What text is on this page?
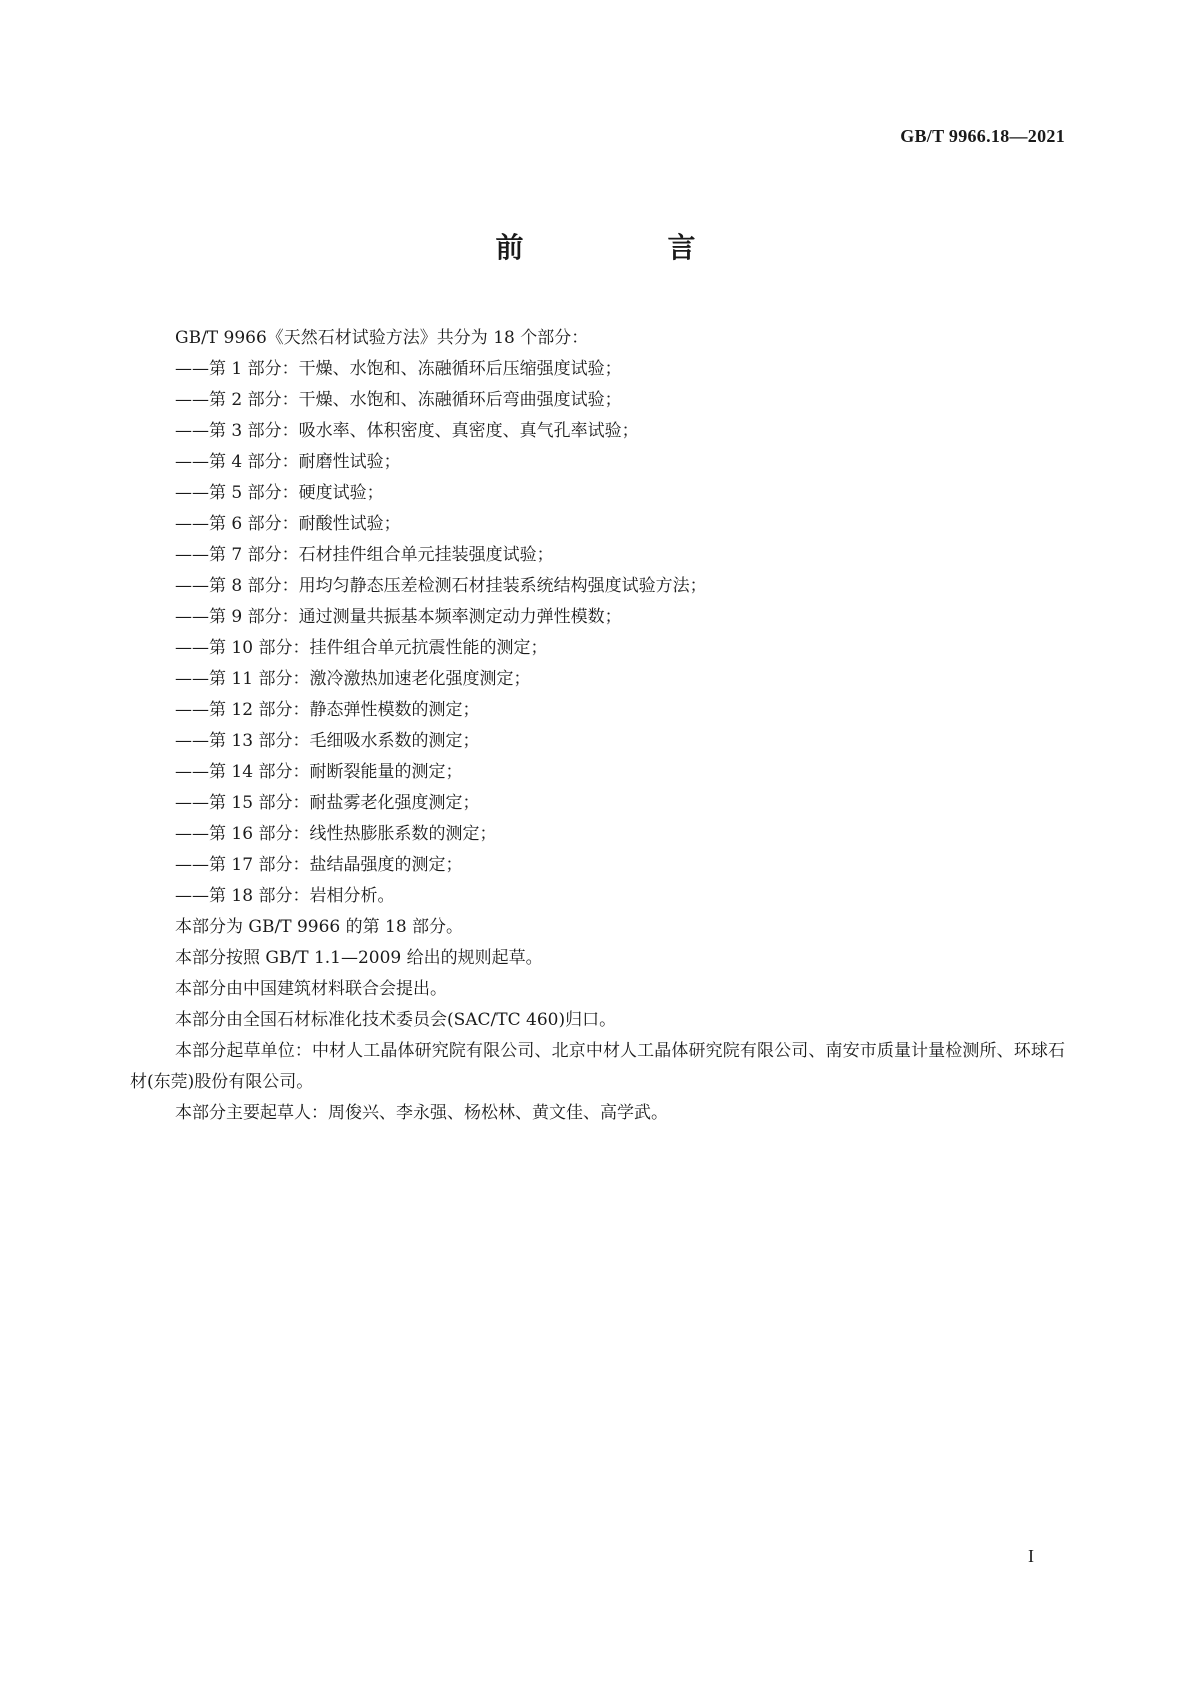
GB/T 9966.18—2021
前　言
GB/T 9966《天然石材试验方法》共分为 18 个部分：
——第 1 部分：干燥、水饱和、冻融循环后压缩强度试验；
——第 2 部分：干燥、水饱和、冻融循环后弯曲强度试验；
——第 3 部分：吸水率、体积密度、真密度、真气孔率试验；
——第 4 部分：耐磨性试验；
——第 5 部分：硬度试验；
——第 6 部分：耐酸性试验；
——第 7 部分：石材挂件组合单元挂装强度试验；
——第 8 部分：用均匀静态压差检测石材挂装系统结构强度试验方法；
——第 9 部分：通过测量共振基本频率测定动力弹性模数；
——第 10 部分：挂件组合单元抗震性能的测定；
——第 11 部分：激冷激热加速老化强度测定；
——第 12 部分：静态弹性模数的测定；
——第 13 部分：毛细吸水系数的测定；
——第 14 部分：耐断裂能量的测定；
——第 15 部分：耐盐雾老化强度测定；
——第 16 部分：线性热膨胀系数的测定；
——第 17 部分：盐结晶强度的测定；
——第 18 部分：岩相分析。
本部分为 GB/T 9966 的第 18 部分。
本部分按照 GB/T 1.1—2009 给出的规则起草。
本部分由中国建筑材料联合会提出。
本部分由全国石材标准化技术委员会(SAC/TC 460)归口。
本部分起草单位：中材人工晶体研究院有限公司、北京中材人工晶体研究院有限公司、南安市质量计量检测所、环球石材(东莞)股份有限公司。
本部分主要起草人：周俊兴、李永强、杨松林、黄文佳、高学武。
I
